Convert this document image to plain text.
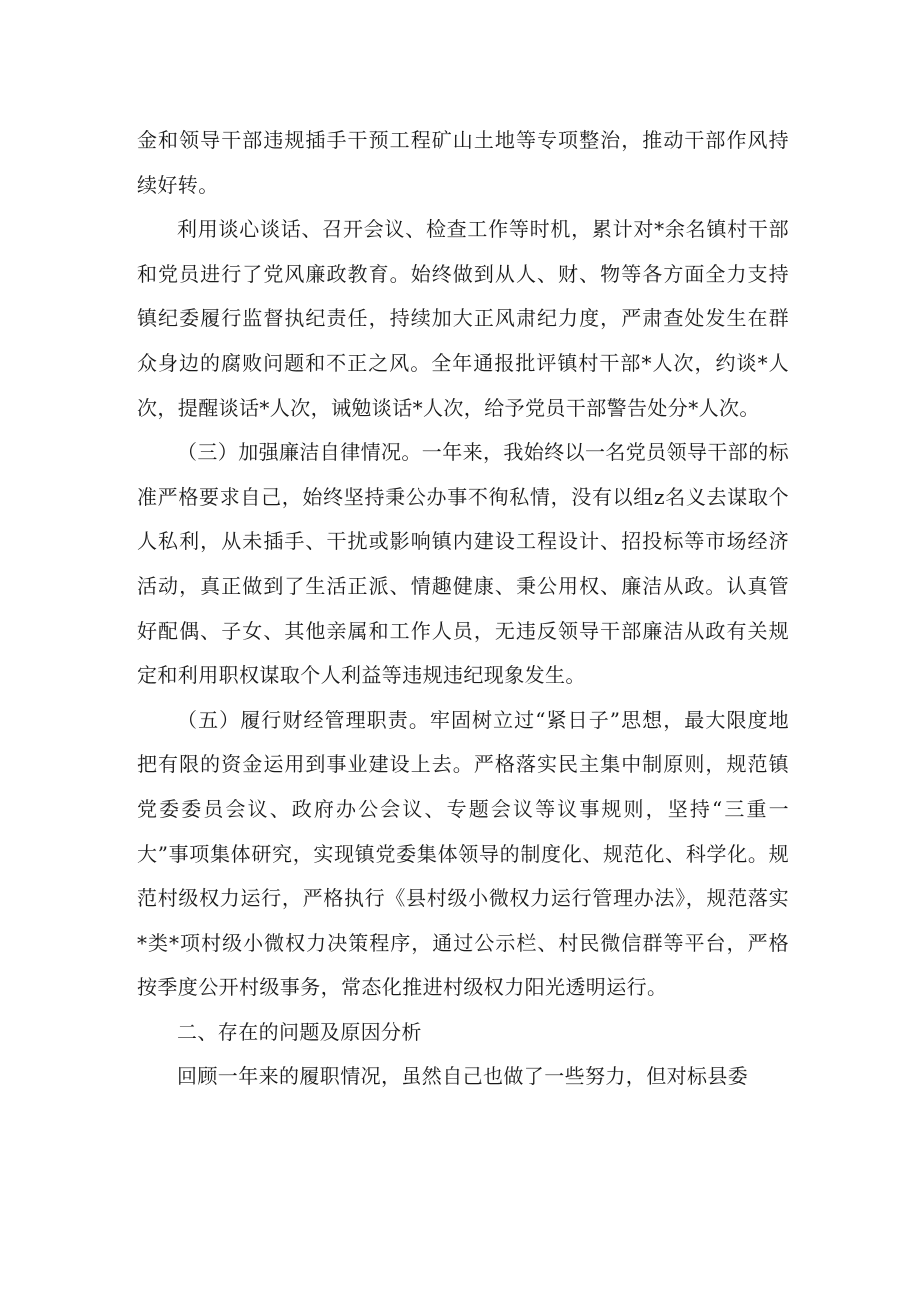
金和领导干部违规插手干预工程矿山土地等专项整治，推动干部作风持续好转。

利用谈心谈话、召开会议、检查工作等时机，累计对*余名镇村干部和党员进行了党风廉政教育。始终做到从人、财、物等各方面全力支持镇纪委履行监督执纪责任，持续加大正风肃纪力度，严肃查处发生在群众身边的腐败问题和不正之风。全年通报批评镇村干部*人次，约谈*人次，提醒谈话*人次，诫勉谈话*人次，给予党员干部警告处分*人次。

（三）加强廉洁自律情况。一年来，我始终以一名党员领导干部的标准严格要求自己，始终坚持秉公办事不徇私情，没有以组z名义去谋取个人私利，从未插手、干扰或影响镇内建设工程设计、招投标等市场经济活动，真正做到了生活正派、情趣健康、秉公用权、廉洁从政。认真管好配偶、子女、其他亲属和工作人员，无违反领导干部廉洁从政有关规定和利用职权谋取个人利益等违规违纪现象发生。

（五）履行财经管理职责。牢固树立过“紧日子”思想，最大限度地把有限的资金运用到事业建设上去。严格落实民主集中制原则，规范镇党委委员会议、政府办公会议、专题会议等议事规则，坚持“三重一大”事项集体研究，实现镇党委集体领导的制度化、规范化、科学化。规范村级权力运行，严格执行《县村级小微权力运行管理办法》，规范落实*类*项村级小微权力决策程序，通过公示栏、村民微信群等平台，严格按季度公开村级事务，常态化推进村级权力阳光透明运行。

二、存在的问题及原因分析

回顾一年来的履职情况，虽然自己也做了一些努力，但对标县委
